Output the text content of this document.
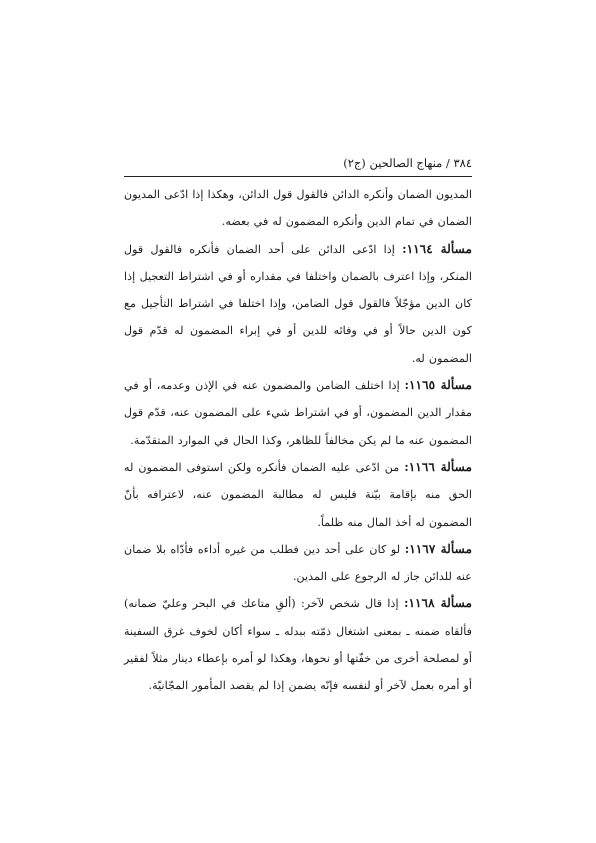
٣٨٤ / منهاج الصالحين (ج٢)

المديون الضمان وأنكره الدائن فالقول قول الدائن، وهكذا إذا ادّعى المديون الضمان في تمام الدين وأنكره المضمون له في بعضه.

مسألة ١١٦٤: إذا ادّعى الدائن على أحد الضمان فأنكره فالقول قول المنكر، وإذا اعترف بالضمان واختلفا في مقداره أو في اشتراط التعجيل إذا كان الدين مؤجّلاً فالقول قول الضامن، وإذا اختلفا في اشتراط التأجيل مع كون الدين حالاً أو في وفائه للدين أو في إبراء المضمون له قدّم قول المضمون له.

مسألة ١١٦٥: إذا اختلف الضامن والمضمون عنه في الإذن وعدمه، أو في مقدار الدين المضمون، أو في اشتراط شيء على المضمون عنه، قدّم قول المضمون عنه ما لم يكن مخالفاً للظاهر، وكذا الحال في الموارد المتقدّمة.

مسألة ١١٦٦: من ادّعى عليه الضمان فأنكره ولكن استوفى المضمون له الحق منه بإقامة بيّنة فليس له مطالبة المضمون عنه، لاعترافه بأنّ المضمون له أخذ المال منه ظلماً.

مسألة ١١٦٧: لو كان على أحد دين فطلب من غيره أداءه فأدّاه بلا ضمان عنه للدائن جاز له الرجوع على المدين.

مسألة ١١٦٨: إذا قال شخص لآخر: (ألقِ متاعك في البحر وعليّ ضمانه) فألقاه ضمنه ـ بمعنى اشتغال ذمّته ببدله ـ سواء أكان لخوف غرق السفينة أو لمصلحة أخرى من خفّتها أو نحوها، وهكذا لو أمره بإعطاء دينار مثلاً لفقير أو أمره بعمل لآخر أو لنفسه فإنّه يضمن إذا لم يقصد المأمور المجّانيّة.
